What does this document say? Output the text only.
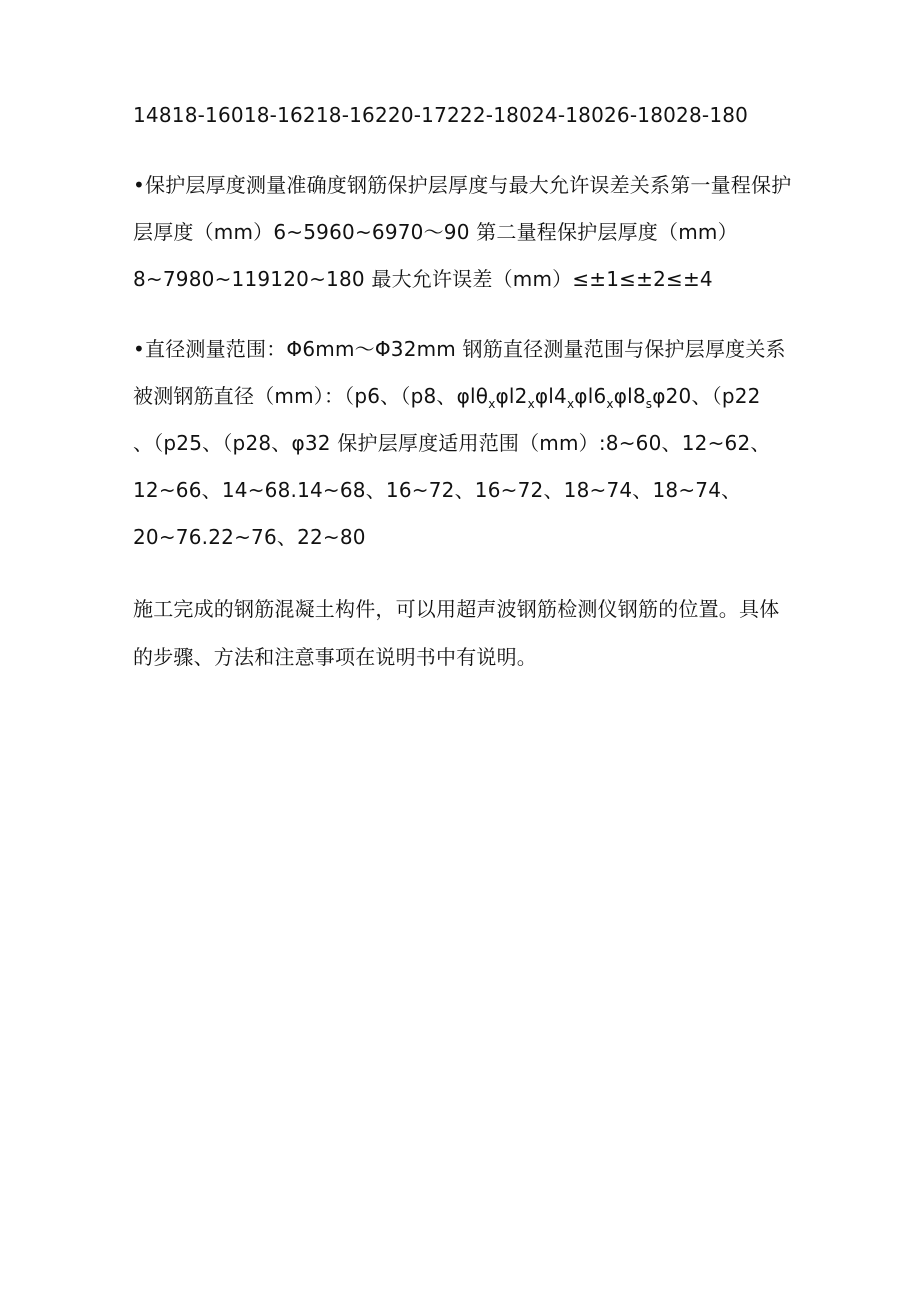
14818-16018-16218-16220-17222-18024-18026-18028-180
•保护层厚度测量准确度钢筋保护层厚度与最大允许误差关系第一量程保护
层厚度（mm）6~5960~6970～90 第二量程保护层厚度（mm）
8~7980~119120~180 最大允许误差（mm）≤±1≤±2≤±4
•直径测量范围：Φ6mm～Φ32mm 钢筋直径测量范围与保护层厚度关系
被测钢筋直径（mm）：（p6、（p8、$\varphi l\theta_x\varphi l2_x\varphi l4_x\varphi l6_x\varphi l8_s\varphi 20$、（p22
、（p25、（p28、φ32 保护层厚度适用范围（mm）:8~60、12~62、
12~66、14~68.14~68、16~72、16~72、18~74、18~74、
20~76.22~76、22~80
施工完成的钢筋混凝土构件，可以用超声波钢筋检测仪钢筋的位置。具体
的步骤、方法和注意事项在说明书中有说明。
